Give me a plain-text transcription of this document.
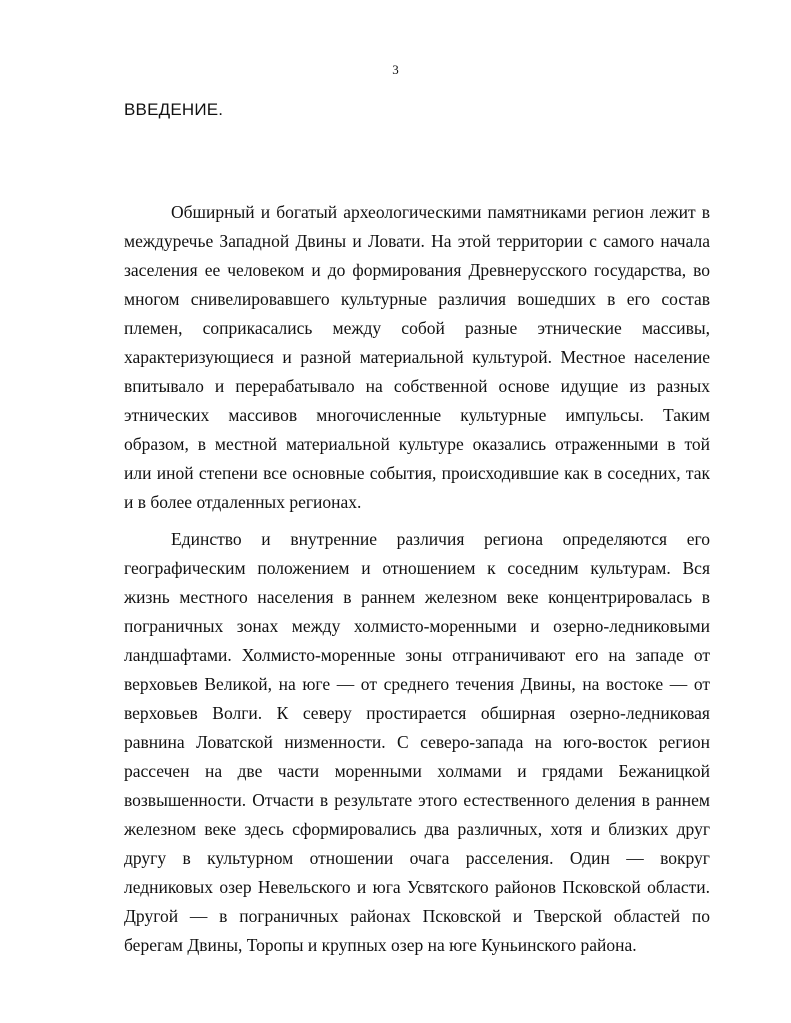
3
ВВЕДЕНИЕ.

Обширный и богатый археологическими памятниками регион лежит в
междуречье Западной Двины и Ловати. На этой территории с самого начала
заселения ее человеком и до формирования Древнерусского государства, во
многом снивелировавшего культурные различия вошедших в его состав
племен, соприкасались между собой разные этнические массивы,
характеризующиеся и разной материальной культурой. Местное население
впитывало и перерабатывало на собственной основе идущие из разных
этнических массивов многочисленные культурные импульсы. Таким
образом, в местной материальной культуре оказались отраженными в той
или иной степени все основные события, происходившие как в соседних, так
и в более отдаленных регионах.

Единство и внутренние различия региона определяются его
географическим положением и отношением к соседним культурам. Вся
жизнь местного населения в раннем железном веке концентрировалась в
пограничных зонах между холмисто-моренными и озерно-ледниковыми
ландшафтами. Холмисто-моренные зоны отграничивают его на западе от
верховьев Великой, на юге — от среднего течения Двины, на востоке — от
верховьев Волги. К северу простирается обширная озерно-ледниковая
равнина Ловатской низменности. С северо-запада на юго-восток регион
рассечен на две части моренными холмами и грядами Бежаницкой
возвышенности. Отчасти в результате этого естественного деления в раннем
железном веке здесь сформировались два различных, хотя и близких друг
другу в культурном отношении очага расселения. Один — вокруг
ледниковых озер Невельского и юга Усвятского районов Псковской области.
Другой — в пограничных районах Псковской и Тверской областей по
берегам Двины, Торопы и крупных озер на юге Куньинского района.
